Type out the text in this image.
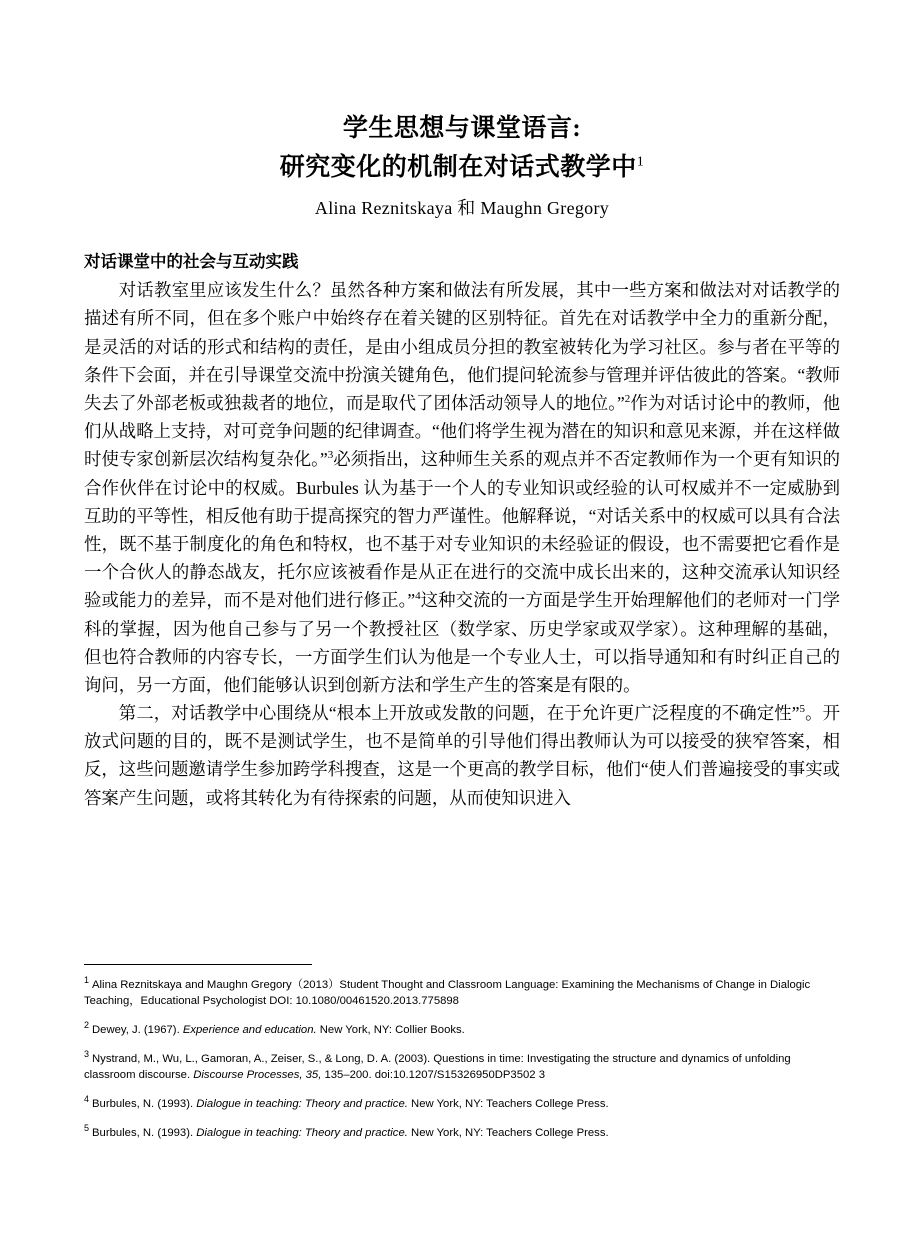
学生思想与课堂语言:
研究变化的机制在对话式教学中$^1$
Alina Reznitskaya 和 Maughn Gregory
对话课堂中的社会与互动实践

对话教室里应该发生什么？虽然各种方案和做法有所发展，其中一些方案和做法对对话教学的描述有所不同，但在多个账户中始终存在着关键的区别特征。首先在对话教学中全力的重新分配，是灵活的对话的形式和结构的责任，是由小组成员分担的教室被转化为学习社区。参与者在平等的条件下会面，并在引导课堂交流中扮演关键角色，他们提问轮流参与管理并评估彼此的答案。“教师失去了外部老板或独裁者的地位，而是取代了团体活动领导人的地位。”$^2$作为对话讨论中的教师，他们从战略上支持，对可竞争问题的纪律调查。“他们将学生视为潜在的知识和意见来源，并在这样做时使专家创新层次结构复杂化。”$^3$必须指出，这种师生关系的观点并不否定教师作为一个更有知识的合作伙伴在讨论中的权威。Burbules 认为基于一个人的专业知识或经验的认可权威并不一定威胁到互助的平等性，相反他有助于提高探究的智力严谨性。他解释说，“对话关系中的权威可以具有合法性，既不基于制度化的角色和特权，也不基于对专业知识的未经验证的假设，也不需要把它看作是一个合伙人的静态战友，托尔应该被看作是从正在进行的交流中成长出来的，这种交流承认知识经验或能力的差异，而不是对他们进行修正。”$^4$这种交流的一方面是学生开始理解他们的老师对一门学科的掌握，因为他自己参与了另一个教授社区（数学家、历史学家或双学家）。这种理解的基础，但也符合教师的内容专长，一方面学生们认为他是一个专业人士，可以指导通知和有时纠正自己的询问，另一方面，他们能够认识到创新方法和学生产生的答案是有限的。

第二，对话教学中心围绕从“根本上开放或发散的问题，在于允许更广泛程度的不确定性”$^5$。开放式问题的目的，既不是测试学生，也不是简单的引导他们得出教师认为可以接受的狭窄答案，相反，这些问题邀请学生参加跨学科搜查，这是一个更高的教学目标，他们“使人们普遍接受的事实或答案产生问题，或将其转化为有待探索的问题，从而使知识进入

$^1$ Alina Reznitskaya and Maughn Gregory（2013）Student Thought and Classroom Language: Examining the Mechanisms of Change in Dialogic Teaching，Educational Psychologist DOI: 10.1080/00461520.2013.775898
$^2$ Dewey, J. (1967). Experience and education. New York, NY: Collier Books.
$^3$ Nystrand, M., Wu, L., Gamoran, A., Zeiser, S., & Long, D. A. (2003). Questions in time: Investigating the structure and dynamics of unfolding classroom discourse. Discourse Processes, 35, 135–200. doi:10.1207/S15326950DP3502 3
$^4$ Burbules, N. (1993). Dialogue in teaching: Theory and practice. New York, NY: Teachers College Press.
$^5$ Burbules, N. (1993). Dialogue in teaching: Theory and practice. New York, NY: Teachers College Press.
